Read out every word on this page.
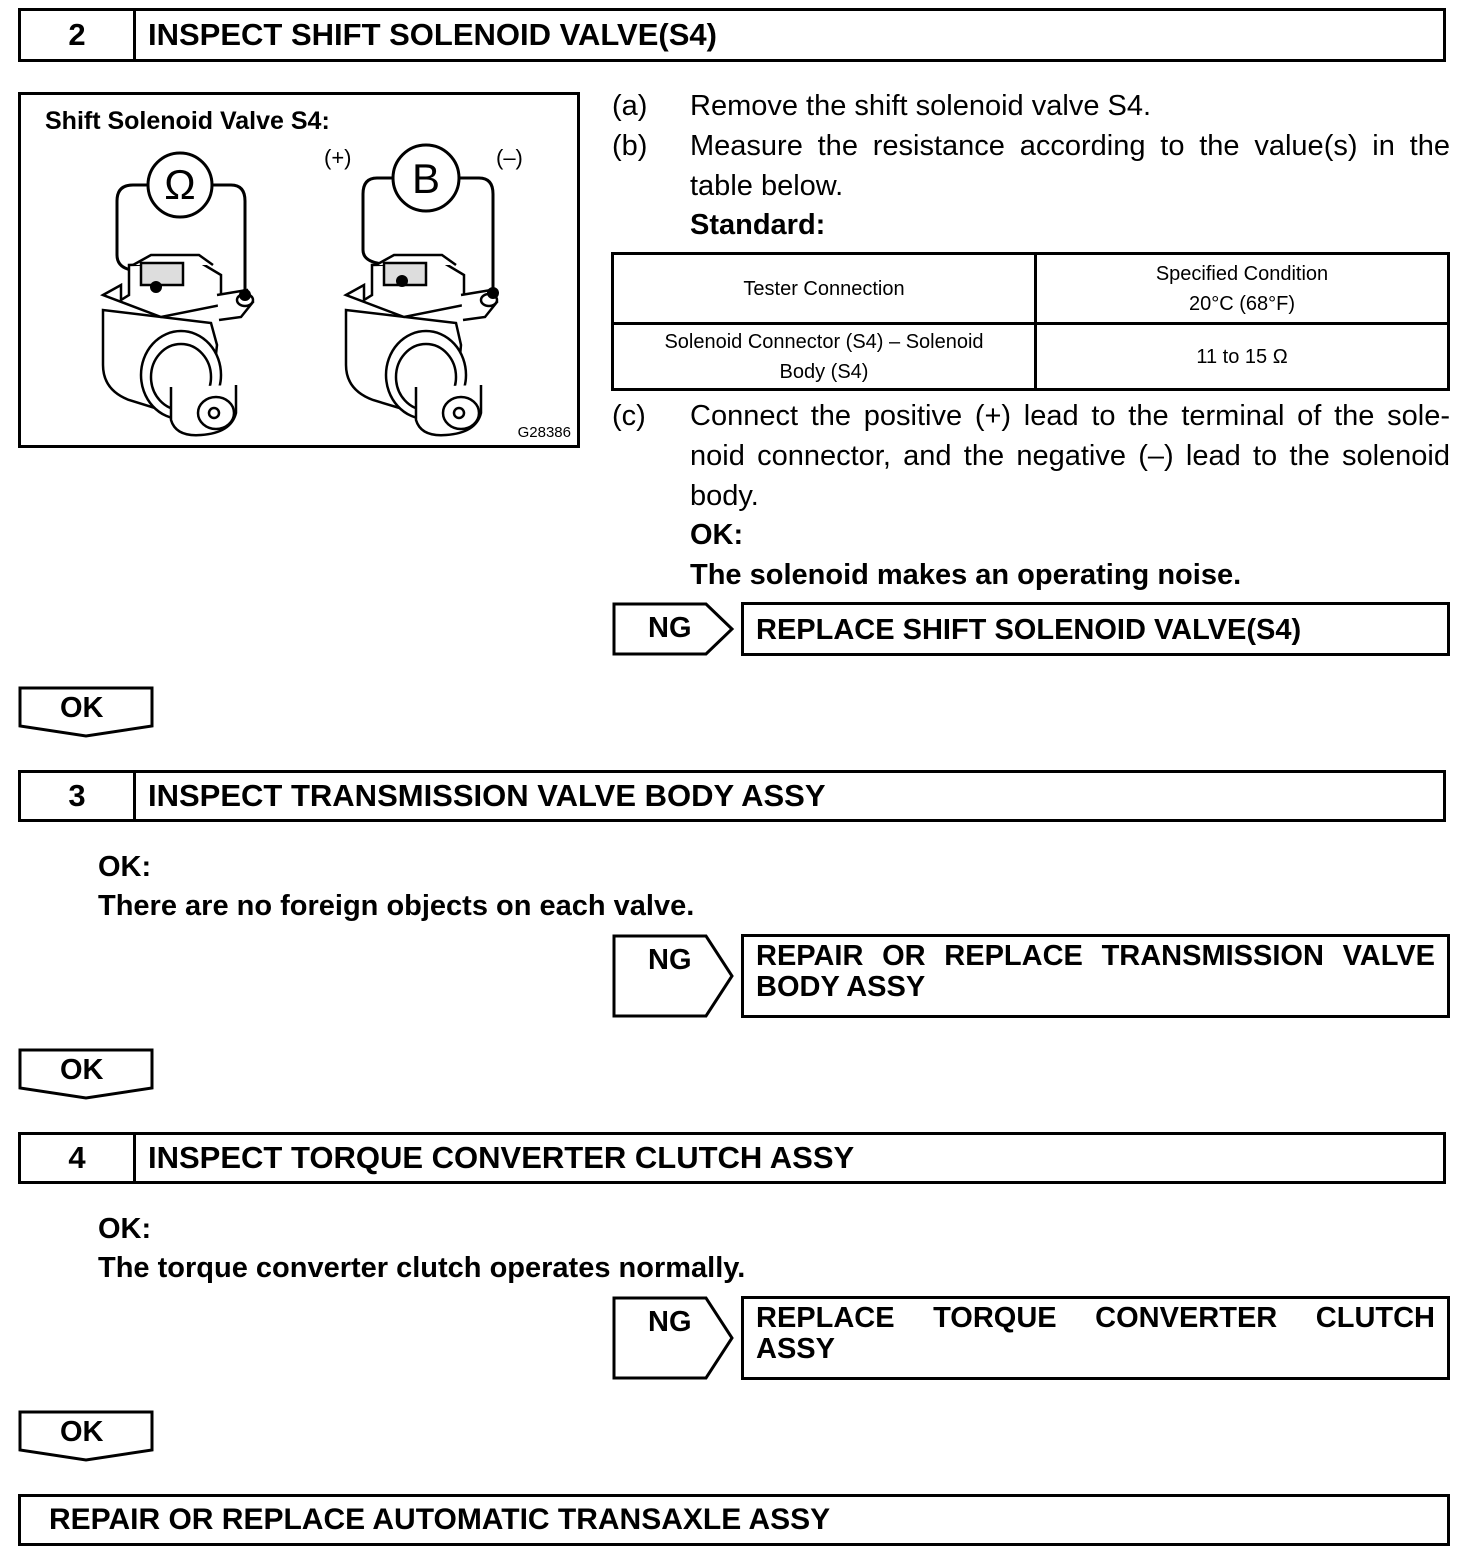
2	INSPECT SHIFT SOLENOID VALVE(S4)
Shift Solenoid Valve S4:
Ω
(+)	(–)
B
G28386
(a) Remove the shift solenoid valve S4.
(b) Measure the resistance according to the value(s) in the
table below.
Standard:
Tester Connection	Specified Condition
20°C (68°F)

Solenoid Connector (S4) – Solenoid
Body (S4)	11 to 15 Ω
(c) Connect the positive (+) lead to the terminal of the sole-
noid connector, and the negative (–) lead to the solenoid
body.
OK:
The solenoid makes an operating noise.
NG	REPLACE SHIFT SOLENOID VALVE(S4)
OK
3	INSPECT TRANSMISSION VALVE BODY ASSY
OK:
There are no foreign objects on each valve.
NG REPAIR OR REPLACE TRANSMISSION VALVE
BODY ASSY
OK
4	INSPECT TORQUE CONVERTER CLUTCH ASSY
OK:
The torque converter clutch operates normally.
NG REPLACE TORQUE CONVERTER CLUTCH
ASSY
OK
REPAIR OR REPLACE AUTOMATIC TRANSAXLE ASSY
